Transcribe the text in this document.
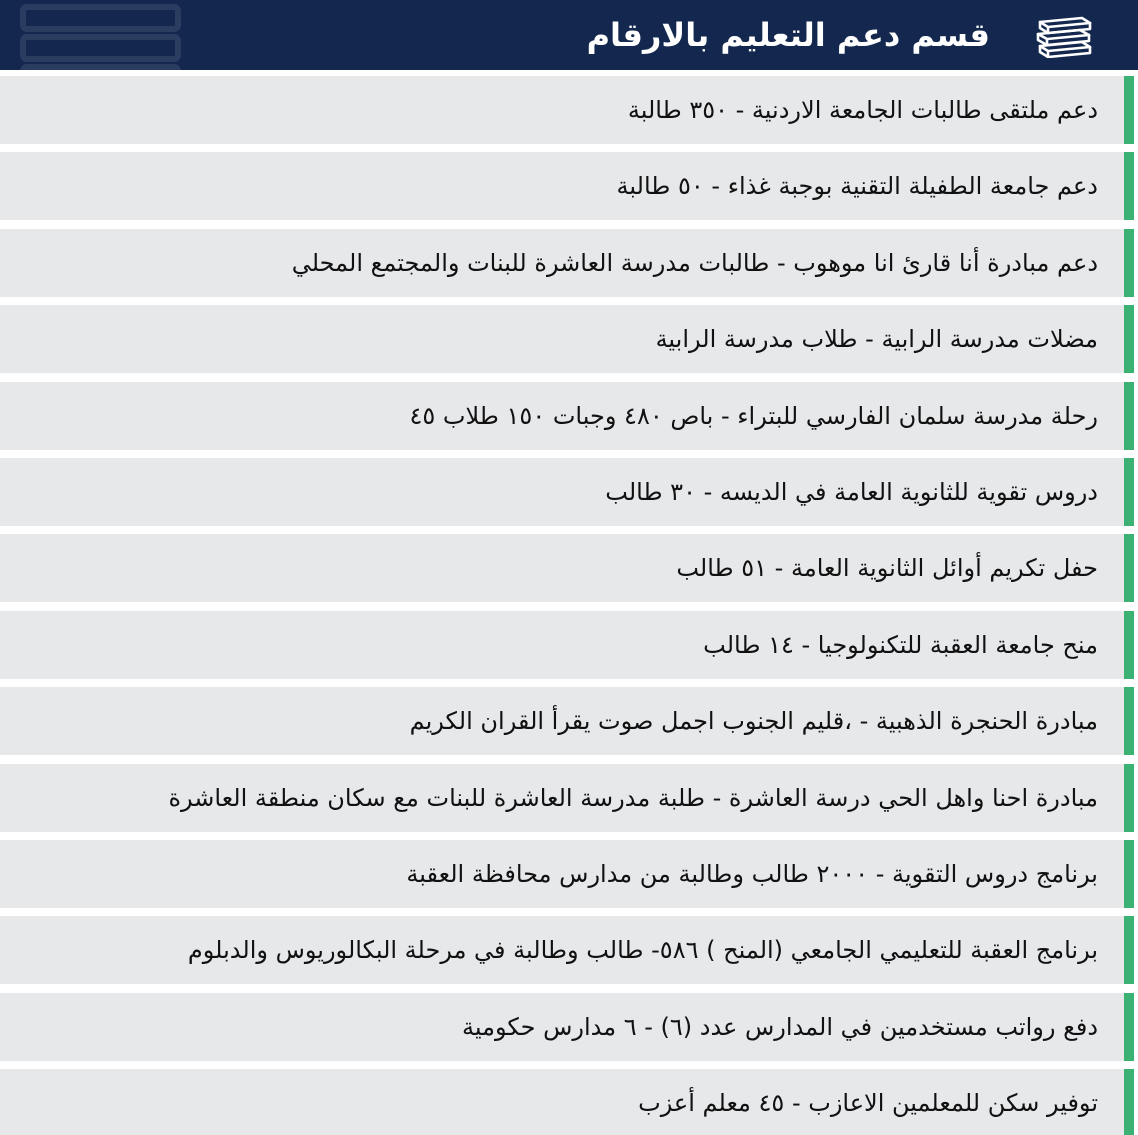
قسم دعم التعليم بالارقام
دعم ملتقى طالبات الجامعة الاردنية - ٣٥٠ طالبة
دعم جامعة الطفيلة التقنية بوجبة غذاء - ٥٠ طالبة
دعم مبادرة أنا قارئ انا موهوب - طالبات مدرسة العاشرة للبنات والمجتمع المحلي
مضلات مدرسة الرابية - طلاب مدرسة الرابية
رحلة مدرسة سلمان الفارسي للبتراء - باص ٤٨٠ وجبات ١٥٠ طلاب ٤٥
دروس تقوية للثانوية العامة في الديسه - ٣٠ طالب
حفل تكريم أوائل الثانوية العامة - ٥١ طالب
منح جامعة العقبة للتكنولوجيا - ١٤ طالب
مبادرة الحنجرة الذهبية - ،قليم الجنوب اجمل صوت يقرأ القران الكريم
مبادرة احنا واهل الحي درسة العاشرة - طلبة مدرسة العاشرة للبنات مع سكان منطقة العاشرة
برنامج دروس التقوية - ٢٠٠٠ طالب وطالبة من مدارس محافظة العقبة
برنامج العقبة للتعليمي الجامعي (المنح ) ٥٨٦- طالب وطالبة في مرحلة البكالوريوس والدبلوم
دفع رواتب مستخدمين في المدارس عدد (٦) - ٦ مدارس حكومية
توفير سكن للمعلمين الاعازب - ٤٥ معلم أعزب
